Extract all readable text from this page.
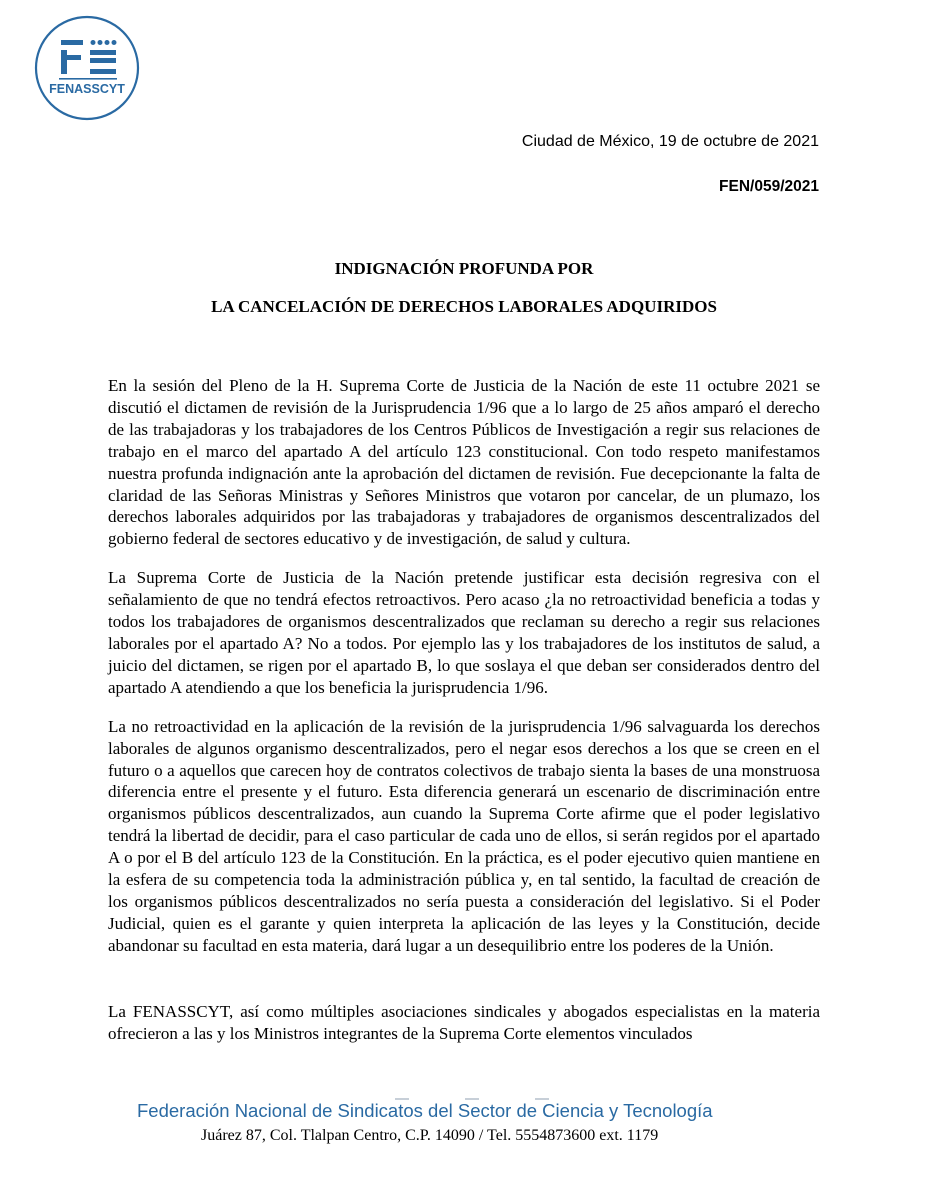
FENASSCYT
Ciudad de México, 19 de octubre de 2021
FEN/059/2021
INDIGNACIÓN PROFUNDA POR
LA CANCELACIÓN DE DERECHOS LABORALES ADQUIRIDOS

En la sesión del Pleno de la H. Suprema Corte de Justicia de la Nación de este 11 octubre 2021 se discutió el dictamen de revisión de la Jurisprudencia 1/96 que a lo largo de 25 años amparó el derecho de las trabajadoras y los trabajadores de los Centros Públicos de Investigación a regir sus relaciones de trabajo en el marco del apartado A del artículo 123 constitucional. Con todo respeto manifestamos nuestra profunda indignación ante la aprobación del dictamen de revisión. Fue decepcionante la falta de claridad de las Señoras Ministras y Señores Ministros que votaron por cancelar, de un plumazo, los derechos laborales adquiridos por las trabajadoras y trabajadores de organismos descentralizados del gobierno federal de sectores educativo y de investigación, de salud y cultura.

La Suprema Corte de Justicia de la Nación pretende justificar esta decisión regresiva con el señalamiento de que no tendrá efectos retroactivos. Pero acaso ¿la no retroactividad beneficia a todas y todos los trabajadores de organismos descentralizados que reclaman su derecho a regir sus relaciones laborales por el apartado A? No a todos. Por ejemplo las y los trabajadores de los institutos de salud, a juicio del dictamen, se rigen por el apartado B, lo que soslaya el que deban ser considerados dentro del apartado A atendiendo a que los beneficia la jurisprudencia 1/96.

La no retroactividad en la aplicación de la revisión de la jurisprudencia 1/96 salvaguarda los derechos laborales de algunos organismo descentralizados, pero el negar esos derechos a los que se creen en el futuro o a aquellos que carecen hoy de contratos colectivos de trabajo sienta la bases de una monstruosa diferencia entre el presente y el futuro. Esta diferencia generará un escenario de discriminación entre organismos públicos descentralizados, aun cuando la Suprema Corte afirme que el poder legislativo tendrá la libertad de decidir, para el caso particular de cada uno de ellos, si serán regidos por el apartado A o por el B del artículo 123 de la Constitución. En la práctica, es el poder ejecutivo quien mantiene en la esfera de su competencia toda la administración pública y, en tal sentido, la facultad de creación de los organismos públicos descentralizados no sería puesta a consideración del legislativo. Si el Poder Judicial, quien es el garante y quien interpreta la aplicación de las leyes y la Constitución, decide abandonar su facultad en esta materia, dará lugar a un desequilibrio entre los poderes de la Unión.

La FENASSCYT, así como múltiples asociaciones sindicales y abogados especialistas en la materia ofrecieron a las y los Ministros integrantes de la Suprema Corte elementos vinculados

Federación Nacional de Sindicatos del Sector de Ciencia y Tecnología
Juárez 87, Col. Tlalpan Centro, C.P. 14090 / Tel. 5554873600 ext. 1179
